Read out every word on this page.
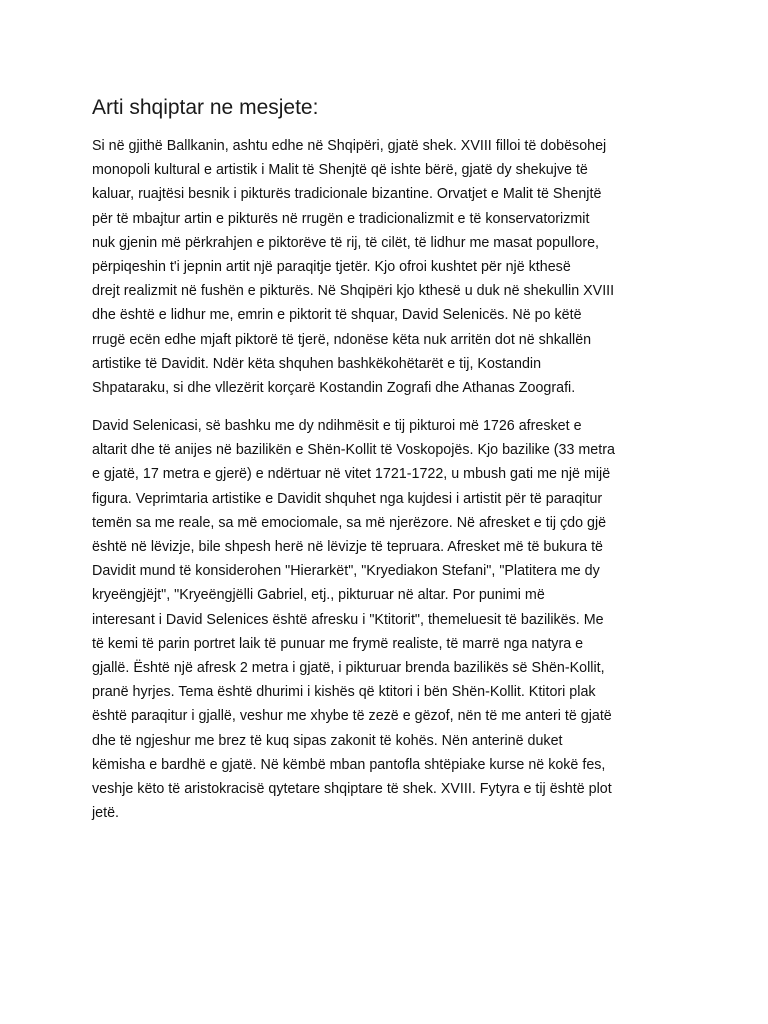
Arti shqiptar ne mesjete:
Si në gjithë Ballkanin, ashtu edhe në Shqipëri, gjatë shek. XVIII filloi të dobësohej
monopoli kultural e artistik i Malit të Shenjtë që ishte bërë, gjatë dy shekujve të
kaluar, ruajtësi besnik i pikturës tradicionale bizantine. Orvatjet e Malit të Shenjtë
për të mbajtur artin e pikturës në rrugën e tradicionalizmit e të konservatorizmit
nuk gjenin më përkrahjen e piktorëve të rij, të cilët, të lidhur me masat popullore,
përpiqeshin t'i jepnin artit një paraqitje tjetër. Kjo ofroi kushtet për një kthesë
drejt realizmit në fushën e pikturës. Në Shqipëri kjo kthesë u duk në shekullin XVIII
dhe është e lidhur me, emrin e piktorit të shquar, David Selenicës. Në po këtë
rrugë ecën edhe mjaft piktorë të tjerë, ndonëse këta nuk arritën dot në shkallën
artistike të Davidit. Ndër këta shquhen bashkëkohëtarët e tij, Kostandin
Shpataraku, si dhe vllezërit korçarë Kostandin Zografi dhe Athanas Zoografi.
David Selenicasi, së bashku me dy ndihmësit e tij pikturoi më 1726 afresket e
altarit dhe të anijes në bazilikën e Shën-Kollit të Voskopojës. Kjo bazilike (33 metra
e gjatë, 17 metra e gjerë) e ndërtuar në vitet 1721-1722, u mbush gati me një mijë
figura. Veprimtaria artistike e Davidit shquhet nga kujdesi i artistit për të paraqitur
temën sa me reale, sa më emociomale, sa më njerëzore. Në afresket e tij çdo gjë
është në lëvizje, bile shpesh herë në lëvizje të tepruara. Afresket më të bukura të
Davidit mund të konsiderohen "Hierarkët", "Kryediakon Stefani", "Platitera me dy
kryeëngjëjt", "Kryeëngjëlli Gabriel, etj., pikturuar në altar. Por punimi më
interesant i David Selenices është afresku i "Ktitorit", themeluesit të bazilikës. Me
të kemi të parin portret laik të punuar me frymë realiste, të marrë nga natyra e
gjallë. Është një afresk 2 metra i gjatë, i pikturuar brenda bazilikës së Shën-Kollit,
pranë hyrjes. Tema është dhurimi i kishës që ktitori i bën Shën-Kollit. Ktitori plak
është paraqitur i gjallë, veshur me xhybe të zezë e gëzof, nën të me anteri të gjatë
dhe të ngjeshur me brez të kuq sipas zakonit të kohës. Nën anterinë duket
këmisha e bardhë e gjatë. Në këmbë mban pantofla shtëpiake kurse në kokë fes,
veshje këto të aristokracisë qytetare shqiptare të shek. XVIII. Fytyra e tij është plot
jetë.
